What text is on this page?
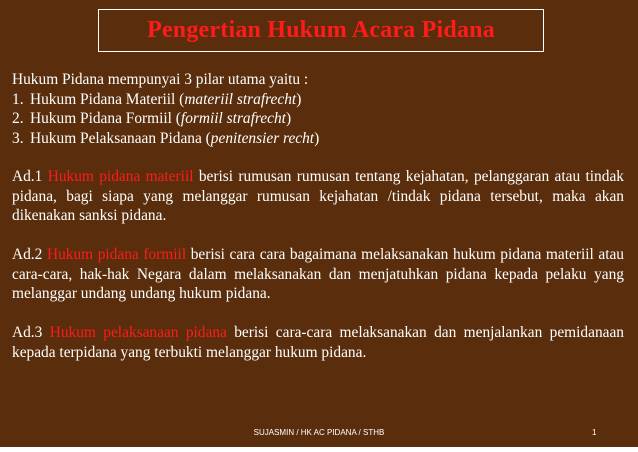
Pengertian Hukum Acara Pidana

Hukum Pidana mempunyai 3 pilar utama yaitu :
1. Hukum Pidana Materiil (materiil strafrecht)
2. Hukum Pidana Formiil (formiil strafrecht)
3. Hukum Pelaksanaan Pidana (penitensier recht)

Ad.1 Hukum pidana materiil berisi rumusan rumusan tentang kejahatan, pelanggaran atau tindak pidana, bagi siapa yang melanggar rumusan kejahatan /tindak pidana tersebut, maka akan dikenakan sanksi pidana.

Ad.2 Hukum pidana formiil berisi cara cara bagaimana melaksanakan hukum pidana materiil atau cara-cara, hak-hak Negara dalam melaksanakan dan menjatuhkan pidana kepada pelaku yang melanggar undang undang hukum pidana.

Ad.3 Hukum pelaksanaan pidana berisi cara-cara melaksanakan dan menjalankan pemidanaan kepada terpidana yang terbukti melanggar hukum pidana.

SUJASMIN / HK AC PIDANA / STHB	1
